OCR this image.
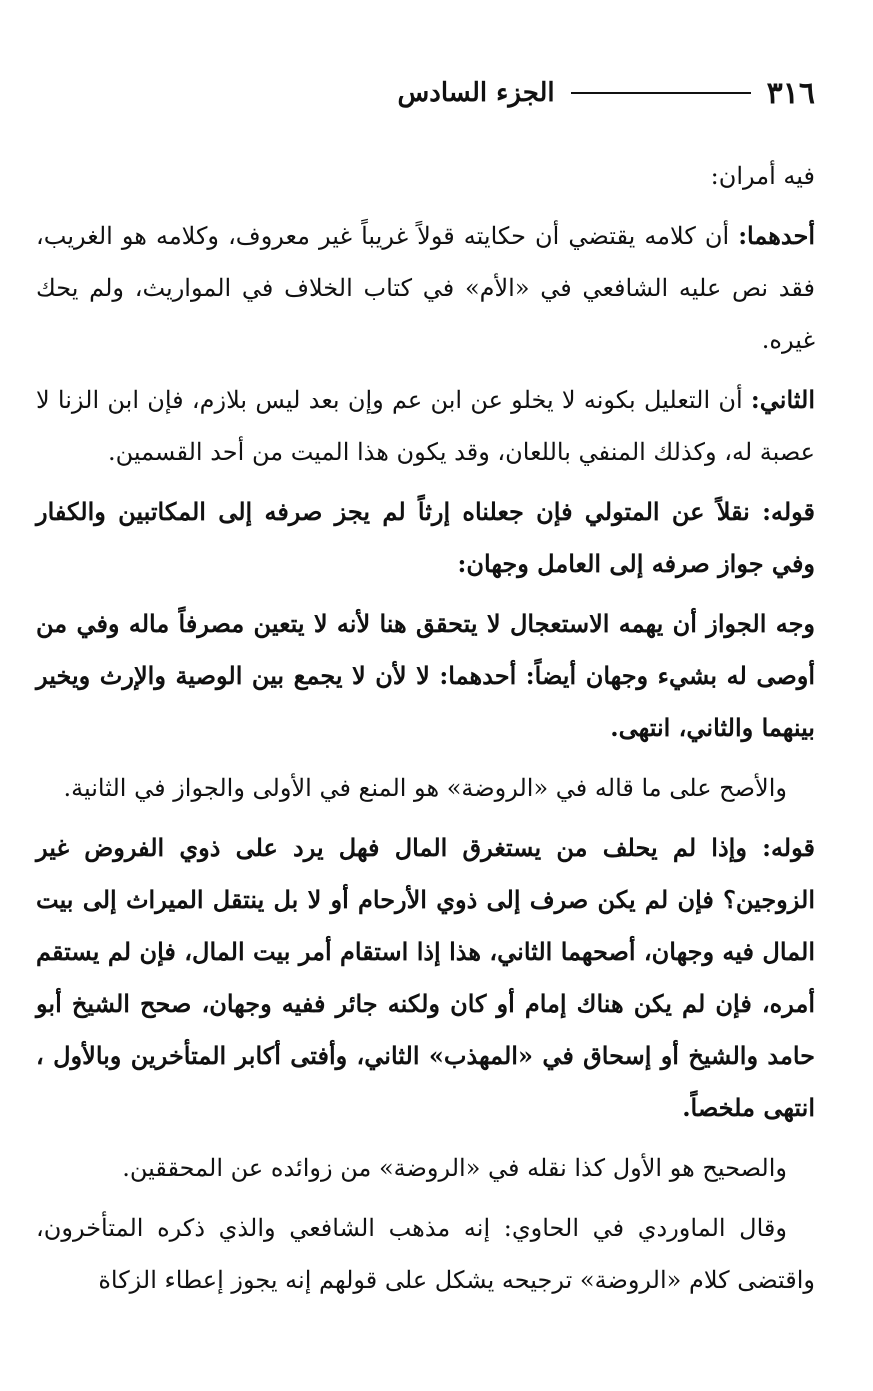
٣١٦
الجزء السادس

فيه أمران:

أحدهما: أن كلامه يقتضي أن حكايته قولاً غريباً غير معروف، وكلامه هو الغريب، فقد نص عليه الشافعي في «الأم» في كتاب الخلاف في المواريث، ولم يحك غيره.

الثاني: أن التعليل بكونه لا يخلو عن ابن عم وإن بعد ليس بلازم، فإن ابن الزنا لا عصبة له، وكذلك المنفي باللعان، وقد يكون هذا الميت من أحد القسمين.

قوله: نقلاً عن المتولي فإن جعلناه إرثاً لم يجز صرفه إلى المكاتبين والكفار وفي جواز صرفه إلى العامل وجهان:

وجه الجواز أن يهمه الاستعجال لا يتحقق هنا لأنه لا يتعين مصرفاً ماله وفي من أوصى له بشيء وجهان أيضاً: أحدهما: لا لأن لا يجمع بين الوصية والإرث ويخير بينهما والثاني، انتهى.

والأصح على ما قاله في «الروضة» هو المنع في الأولى والجواز في الثانية.

قوله: وإذا لم يحلف من يستغرق المال فهل يرد على ذوي الفروض غير الزوجين؟ فإن لم يكن صرف إلى ذوي الأرحام أو لا بل ينتقل الميراث إلى بيت المال فيه وجهان، أصحهما الثاني، هذا إذا استقام أمر بيت المال، فإن لم يستقم أمره، فإن لم يكن هناك إمام أو كان ولكنه جائر ففيه وجهان، صحح الشيخ أبو حامد والشيخ أو إسحاق في «المهذب» الثاني، وأفتى أكابر المتأخرين وبالأول ، انتهى ملخصاً.

والصحيح هو الأول كذا نقله في «الروضة» من زوائده عن المحققين.

وقال الماوردي في الحاوي: إنه مذهب الشافعي والذي ذكره المتأخرون، واقتضى كلام «الروضة» ترجيحه يشكل على قولهم إنه يجوز إعطاء الزكاة
